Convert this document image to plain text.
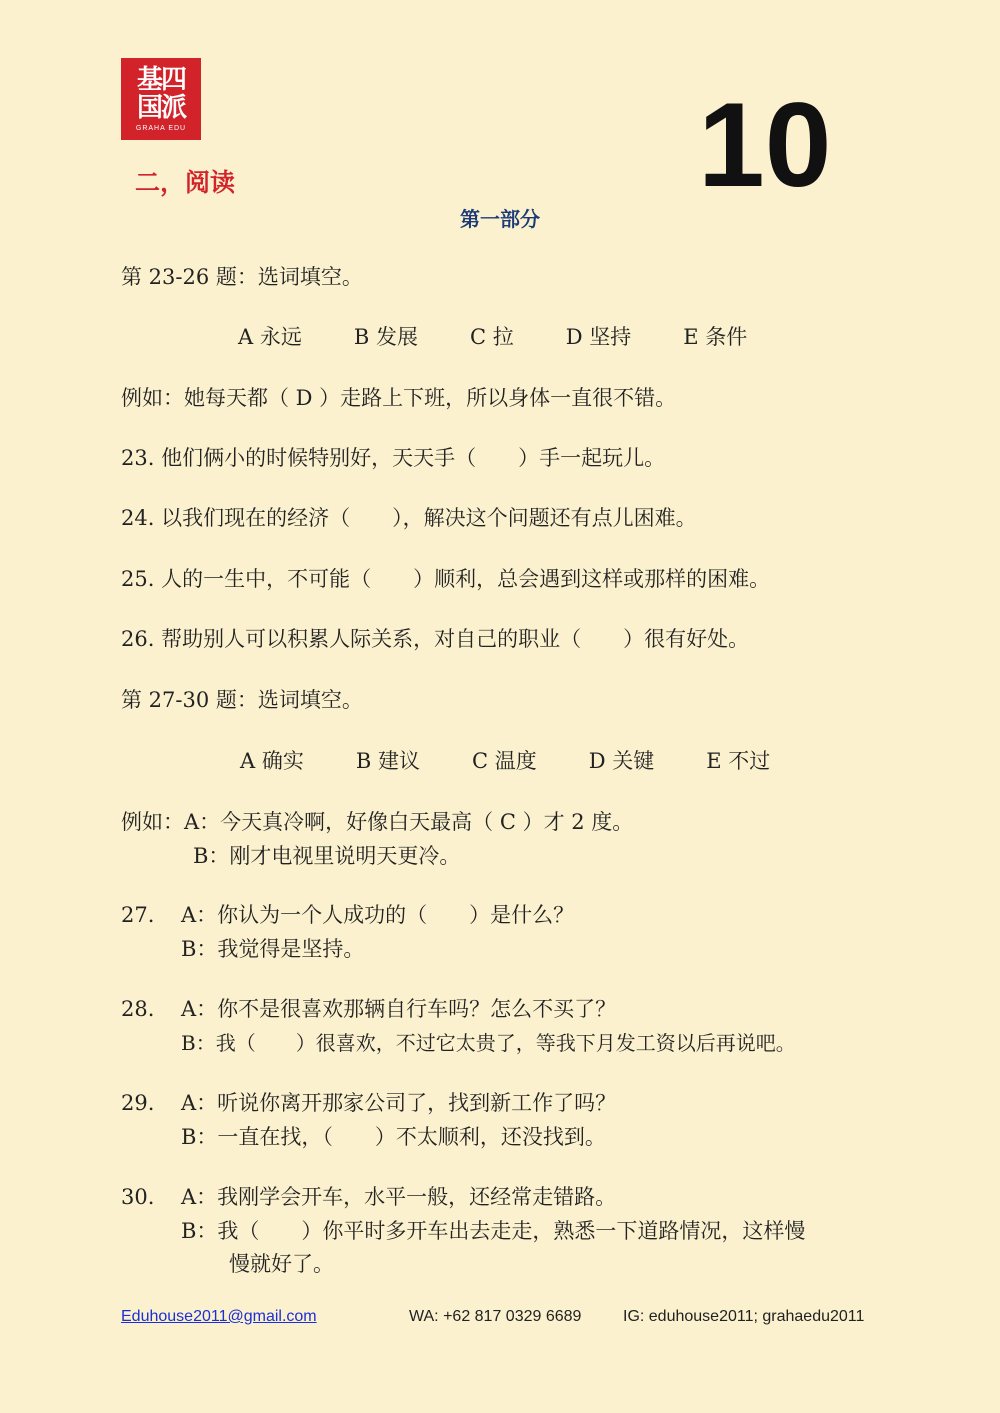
基四
国派
GRAHA EDU
二，阅读	10
第一部分
第 23-26 题：选词填空。
A 永远 B 发展 C 拉 D 坚持 E 条件
例如：她每天都（ D ）走路上下班，所以身体一直很不错。
23. 他们俩小的时候特别好，天天手（　　）手一起玩儿。
24. 以我们现在的经济（　　），解决这个问题还有点儿困难。
25. 人的一生中，不可能（　　）顺利，总会遇到这样或那样的困难。
26. 帮助别人可以积累人际关系，对自己的职业（　　）很有好处。
第 27-30 题：选词填空。
A 确实 B 建议 C 温度 D 关键 E 不过
例如：A：今天真冷啊，好像白天最高（ C ）才 2 度。
B：刚才电视里说明天更冷。
27. A：你认为一个人成功的（　　）是什么？
B：我觉得是坚持。
28. A：你不是很喜欢那辆自行车吗？怎么不买了？
B：我（　　）很喜欢，不过它太贵了，等我下月发工资以后再说吧。
29. A：听说你离开那家公司了，找到新工作了吗？
B：一直在找，（　　）不太顺利，还没找到。
30. A：我刚学会开车，水平一般，还经常走错路。
B：我（　　）你平时多开车出去走走，熟悉一下道路情况，这样慢
慢就好了。
Eduhouse2011@gmail.com	WA: +62 817 0329 6689	IG: eduhouse2011; grahaedu2011
